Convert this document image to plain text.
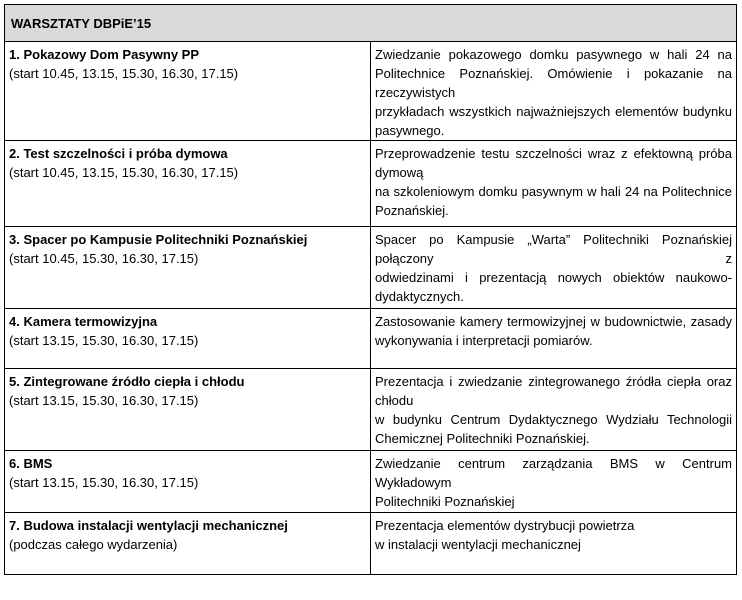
WARSZTATY DBPiE’15	

1. Pokazowy Dom Pasywny PP
(start 10.45, 13.15, 15.30, 16.30, 17.15)	Zwiedzanie pokazowego domku pasywnego w hali 24 na
Politechnice Poznańskiej. Omówienie i pokazanie na rzeczywistych
przykładach wszystkich najważniejszych elementów budynku
pasywnego.

2. Test szczelności i próba dymowa
(start 10.45, 13.15, 15.30, 16.30, 17.15)	Przeprowadzenie testu szczelności wraz z efektowną próba dymową
na szkoleniowym domku pasywnym w hali 24 na Politechnice
Poznańskiej.

3. Spacer po Kampusie Politechniki Poznańskiej
(start 10.45, 15.30, 16.30, 17.15)	Spacer po Kampusie „Warta” Politechniki Poznańskiej połączony z
odwiedzinami i prezentacją nowych obiektów naukowo-
dydaktycznych.

4. Kamera termowizyjna
(start 13.15, 15.30, 16.30, 17.15)	Zastosowanie kamery termowizyjnej w budownictwie, zasady
wykonywania i interpretacji pomiarów.

5. Zintegrowane źródło ciepła i chłodu
(start 13.15, 15.30, 16.30, 17.15)	Prezentacja i zwiedzanie zintegrowanego źródła ciepła oraz chłodu
w budynku Centrum Dydaktycznego Wydziału Technologii
Chemicznej Politechniki Poznańskiej.

6. BMS
(start 13.15, 15.30, 16.30, 17.15)	Zwiedzanie centrum zarządzania BMS w Centrum Wykładowym
Politechniki Poznańskiej

7. Budowa instalacji wentylacji mechanicznej
(podczas całego wydarzenia)	Prezentacja elementów dystrybucji powietrza
w instalacji wentylacji mechanicznej
